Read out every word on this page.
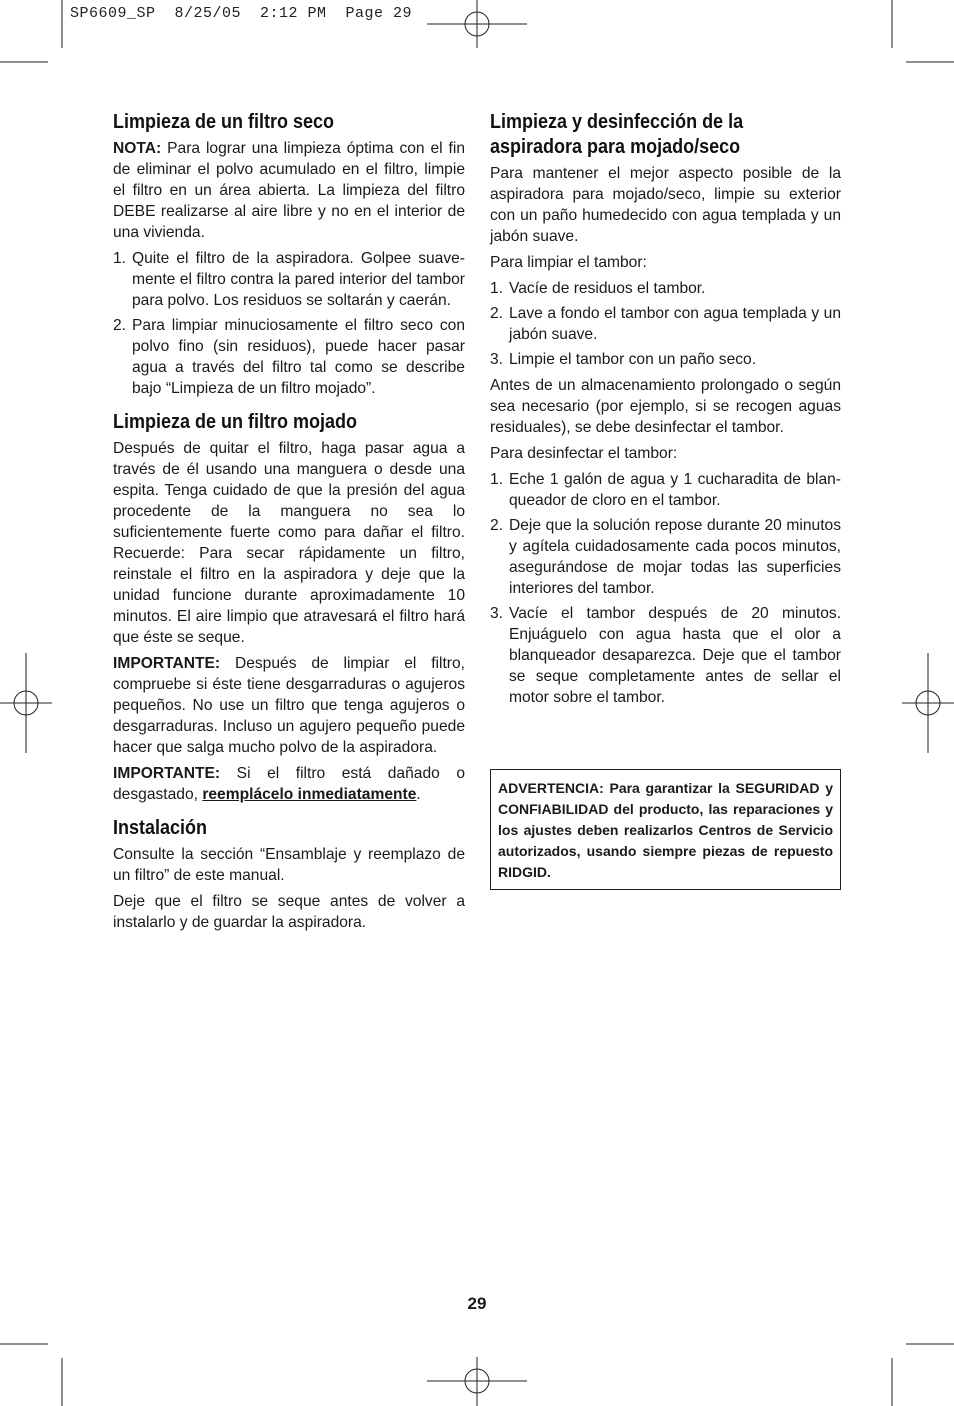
SP6609_SP  8/25/05  2:12 PM  Page 29
Limpieza de un filtro seco

NOTA: Para lograr una limpieza óptima con el fin de eliminar el polvo acumulado en el filtro, limpie el filtro en un área abierta. La limpieza del filtro DEBE realizarse al aire libre y no en el interior de una vivienda.

1. Quite el filtro de la aspiradora. Golpee suave- mente el filtro contra la pared interior del tambor para polvo. Los residuos se soltarán y caerán.
2. Para limpiar minuciosamente el filtro seco con polvo fino (sin residuos), puede hacer pasar agua a través del filtro tal como se describe bajo “Limpieza de un filtro mojado”.
Limpieza de un filtro mojado

Después de quitar el filtro, haga pasar agua a través de él usando una manguera o desde una espita. Tenga cuidado de que la presión del agua procedente de la manguera no sea lo suficientemente fuerte como para dañar el filtro. Recuerde: Para secar rápidamente un filtro, reinstale el filtro en la aspiradora y deje que la unidad funcione durante aproximadamente 10 minutos. El aire limpio que atravesará el filtro hará que éste se seque.

IMPORTANTE: Después de limpiar el filtro, compruebe si éste tiene desgarraduras o agujeros pequeños. No use un filtro que tenga agujeros o desgarraduras. Incluso un agujero pequeño puede hacer que salga mucho polvo de la aspiradora.

IMPORTANTE: Si el filtro está dañado o desgastado, reemplácelo inmediatamente.

Instalación

Consulte la sección “Ensamblaje y reemplazo de un filtro” de este manual.

Deje que el filtro se seque antes de volver a instalarlo y de guardar la aspiradora.

Limpieza y desinfección de la
aspiradora para mojado/seco

Para mantener el mejor aspecto posible de la aspiradora para mojado/seco, limpie su exterior con un paño humedecido con agua templada y un jabón suave.

Para limpiar el tambor:

1. Vacíe de residuos el tambor.
2. Lave a fondo el tambor con agua templada y un jabón suave.
3. Limpie el tambor con un paño seco.

Antes de un almacenamiento prolongado o según sea necesario (por ejemplo, si se recogen aguas residuales), se debe desinfectar el tambor.

Para desinfectar el tambor:

1. Eche 1 galón de agua y 1 cucharadita de blan- queador de cloro en el tambor.
2. Deje que la solución repose durante 20 minutos y agítela cuidadosamente cada pocos minutos, asegurándose de mojar todas las superficies interiores del tambor.
3. Vacíe el tambor después de 20 minutos. Enjuáguelo con agua hasta que el olor a blanqueador desaparezca. Deje que el tambor se seque completamente antes de sellar el motor sobre el tambor.
ADVERTENCIA: Para garantizar la SEGURIDAD y CONFIABILIDAD del producto, las reparaciones y los ajustes deben realizarlos Centros de Servicio autorizados, usando siempre piezas de repuesto RIDGID.
29
